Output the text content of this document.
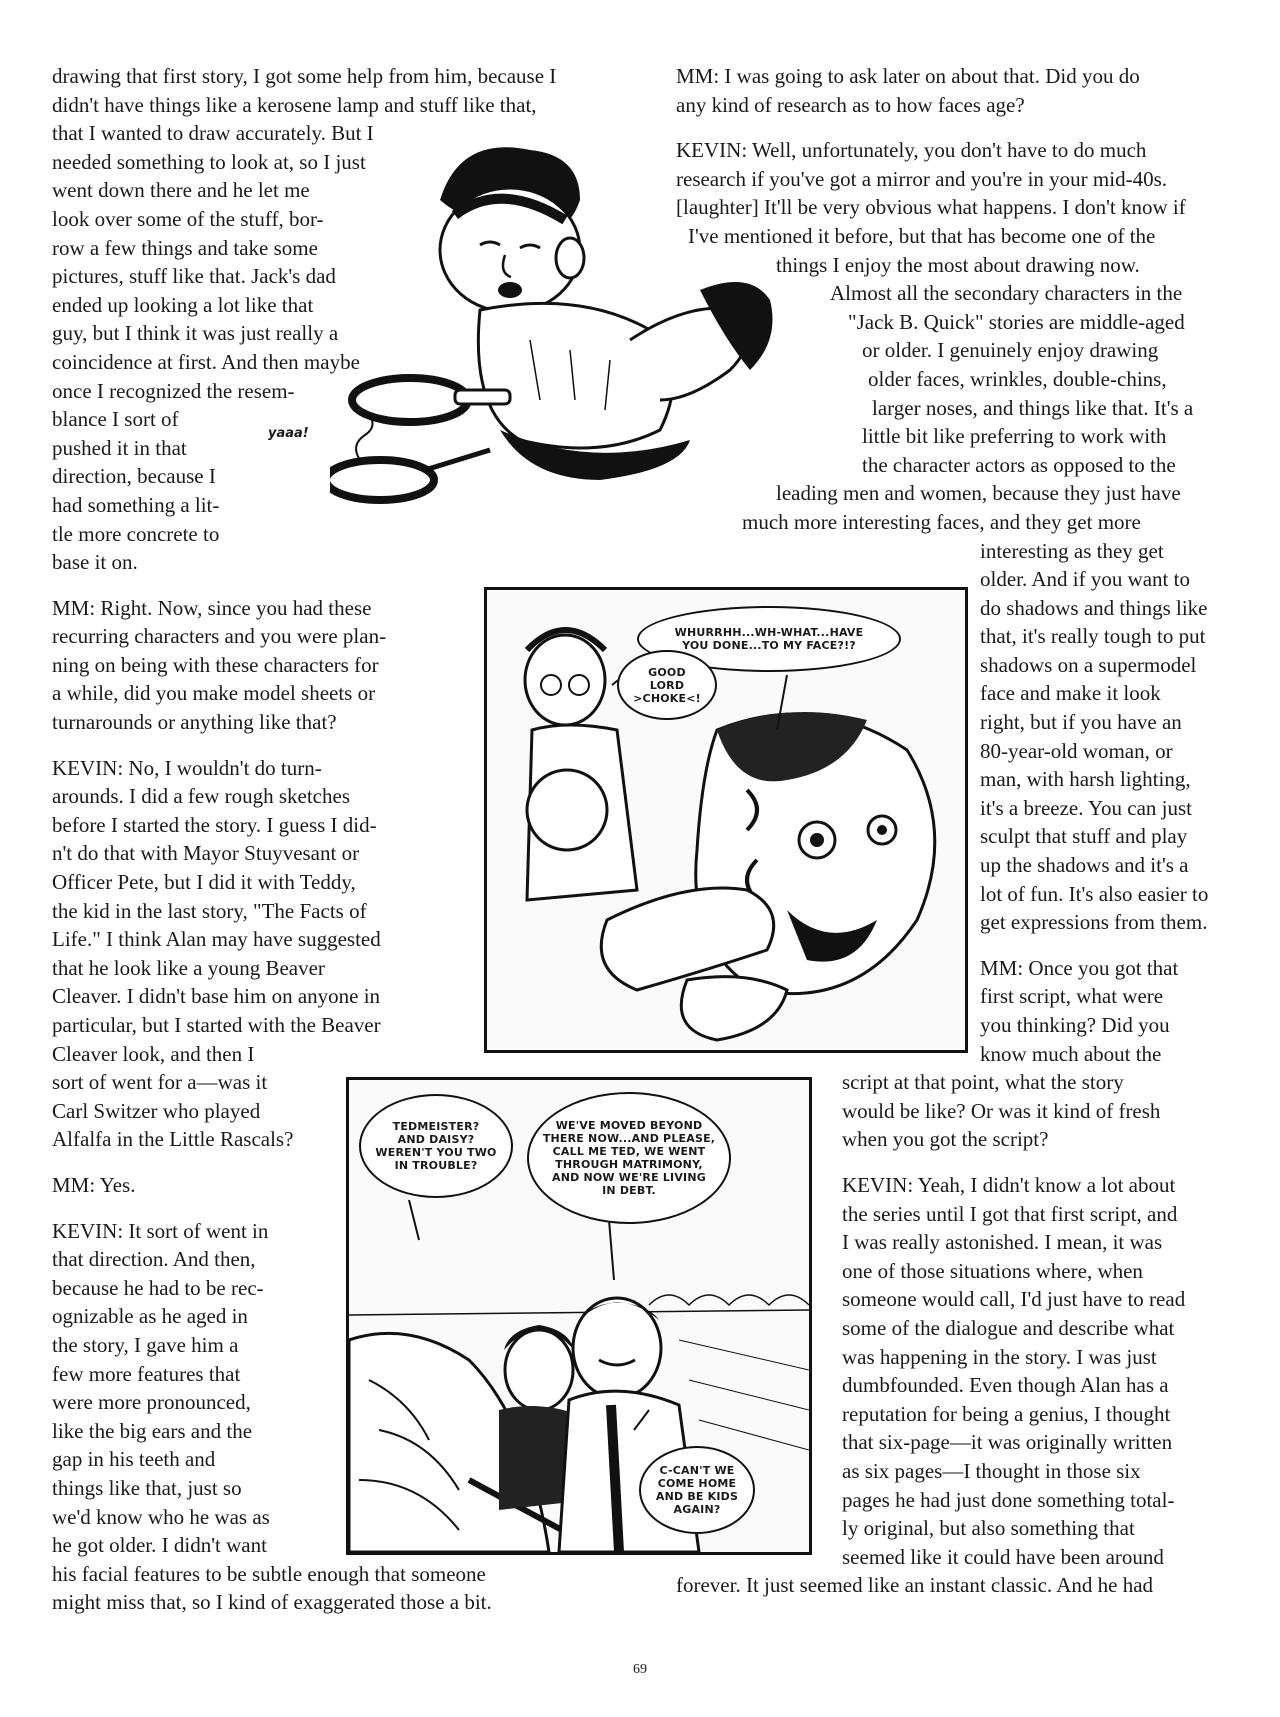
drawing that first story, I got some help from him, because I
didn't have things like a kerosene lamp and stuff like that,
that I wanted to draw accurately. But I
needed something to look at, so I just
went down there and he let me
look over some of the stuff, bor-
row a few things and take some
pictures, stuff like that. Jack's dad
ended up looking a lot like that
guy, but I think it was just really a
coincidence at first. And then maybe
once I recognized the resem-
blance I sort of
pushed it in that
direction, because I
had something a lit-
tle more concrete to
base it on.
MM: Right. Now, since you had these
recurring characters and you were plan-
ning on being with these characters for
a while, did you make model sheets or
turnarounds or anything like that?
KEVIN: No, I wouldn't do turn-
arounds. I did a few rough sketches
before I started the story. I guess I did-
n't do that with Mayor Stuyvesant or
Officer Pete, but I did it with Teddy,
the kid in the last story, "The Facts of
Life." I think Alan may have suggested
that he look like a young Beaver
Cleaver. I didn't base him on anyone in
particular, but I started with the Beaver
Cleaver look, and then I
sort of went for a—was it
Carl Switzer who played
Alfalfa in the Little Rascals?
MM: Yes.
KEVIN: It sort of went in
that direction. And then,
because he had to be rec-
ognizable as he aged in
the story, I gave him a
few more features that
were more pronounced,
like the big ears and the
gap in his teeth and
things like that, just so
we'd know who he was as
he got older. I didn't want
his facial features to be subtle enough that someone
might miss that, so I kind of exaggerated those a bit.
MM: I was going to ask later on about that. Did you do
any kind of research as to how faces age?
KEVIN: Well, unfortunately, you don't have to do much
research if you've got a mirror and you're in your mid-40s.
[laughter] It'll be very obvious what happens. I don't know if
I've mentioned it before, but that has become one of the
things I enjoy the most about drawing now.
Almost all the secondary characters in the
"Jack B. Quick" stories are middle-aged
or older. I genuinely enjoy drawing
older faces, wrinkles, double-chins,
larger noses, and things like that. It's a
little bit like preferring to work with
the character actors as opposed to the
leading men and women, because they just have
much more interesting faces, and they get more
interesting as they get
older. And if you want to
do shadows and things like
that, it's really tough to put
shadows on a supermodel
face and make it look
right, but if you have an
80-year-old woman, or
man, with harsh lighting,
it's a breeze. You can just
sculpt that stuff and play
up the shadows and it's a
lot of fun. It's also easier to
get expressions from them.
MM: Once you got that
first script, what were
you thinking? Did you
know much about the
script at that point, what the story
would be like? Or was it kind of fresh
when you got the script?
KEVIN: Yeah, I didn't know a lot about
the series until I got that first script, and
I was really astonished. I mean, it was
one of those situations where, when
someone would call, I'd just have to read
some of the dialogue and describe what
was happening in the story. I was just
dumbfounded. Even though Alan has a
reputation for being a genius, I thought
that six-page—it was originally written
as six pages—I thought in those six
pages he had just done something total-
ly original, but also something that
seemed like it could have been around
forever. It just seemed like an instant classic. And he had
yaaa!
WHURRHH...WH-WHAT...HAVE
YOU DONE...TO MY FACE?!?
GOOD
LORD
>CHOKE<!
TEDMEISTER?
AND DAISY?
WEREN'T YOU TWO
IN TROUBLE?
WE'VE MOVED BEYOND
THERE NOW...AND PLEASE,
CALL ME TED, WE WENT
THROUGH MATRIMONY,
AND NOW WE'RE LIVING
IN DEBT.
C-CAN'T WE
COME HOME
AND BE KIDS
AGAIN?
69
